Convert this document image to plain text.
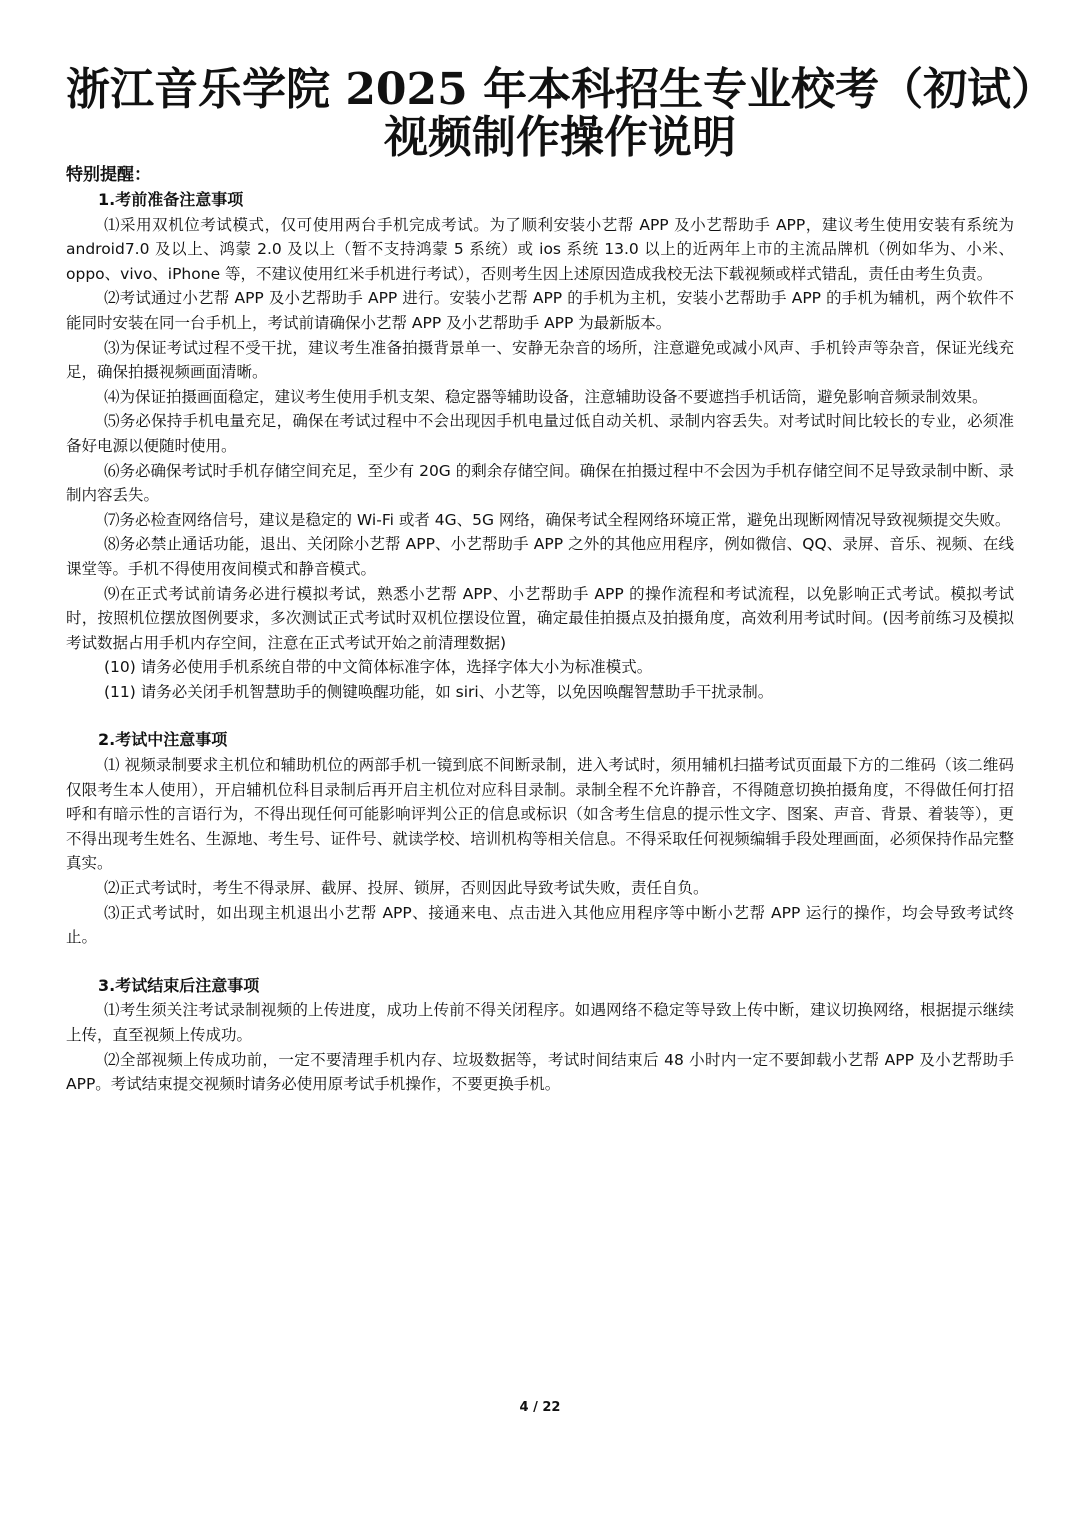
浙江音乐学院 2025 年本科招生专业校考（初试）
视频制作操作说明
特别提醒：
1.考前准备注意事项
⑴采用双机位考试模式，仅可使用两台手机完成考试。为了顺利安装小艺帮 APP 及小艺帮助手 APP，建议考生使用安装有系统为 android7.0 及以上、鸿蒙 2.0 及以上（暂不支持鸿蒙 5 系统）或 ios 系统 13.0 以上的近两年上市的主流品牌机（例如华为、小米、oppo、vivo、iPhone 等，不建议使用红米手机进行考试），否则考生因上述原因造成我校无法下载视频或样式错乱，责任由考生负责。
⑵考试通过小艺帮 APP 及小艺帮助手 APP 进行。安装小艺帮 APP 的手机为主机，安装小艺帮助手 APP 的手机为辅机，两个软件不能同时安装在同一台手机上，考试前请确保小艺帮 APP 及小艺帮助手 APP 为最新版本。
⑶为保证考试过程不受干扰，建议考生准备拍摄背景单一、安静无杂音的场所，注意避免或减小风声、手机铃声等杂音，保证光线充足，确保拍摄视频画面清晰。
⑷为保证拍摄画面稳定，建议考生使用手机支架、稳定器等辅助设备，注意辅助设备不要遮挡手机话筒，避免影响音频录制效果。
⑸务必保持手机电量充足，确保在考试过程中不会出现因手机电量过低自动关机、录制内容丢失。对考试时间比较长的专业，必须准备好电源以便随时使用。
⑹务必确保考试时手机存储空间充足，至少有 20G 的剩余存储空间。确保在拍摄过程中不会因为手机存储空间不足导致录制中断、录制内容丢失。
⑺务必检查网络信号，建议是稳定的 Wi-Fi 或者 4G、5G 网络，确保考试全程网络环境正常，避免出现断网情况导致视频提交失败。
⑻务必禁止通话功能，退出、关闭除小艺帮 APP、小艺帮助手 APP 之外的其他应用程序，例如微信、QQ、录屏、音乐、视频、在线课堂等。手机不得使用夜间模式和静音模式。
⑼在正式考试前请务必进行模拟考试，熟悉小艺帮 APP、小艺帮助手 APP 的操作流程和考试流程，以免影响正式考试。模拟考试时，按照机位摆放图例要求，多次测试正式考试时双机位摆设位置，确定最佳拍摄点及拍摄角度，高效利用考试时间。(因考前练习及模拟考试数据占用手机内存空间，注意在正式考试开始之前清理数据)
(10) 请务必使用手机系统自带的中文简体标准字体，选择字体大小为标准模式。
(11) 请务必关闭手机智慧助手的侧键唤醒功能，如 siri、小艺等，以免因唤醒智慧助手干扰录制。
2.考试中注意事项
⑴ 视频录制要求主机位和辅助机位的两部手机一镜到底不间断录制，进入考试时，须用辅机扫描考试页面最下方的二维码（该二维码仅限考生本人使用），开启辅机位科目录制后再开启主机位对应科目录制。录制全程不允许静音，不得随意切换拍摄角度，不得做任何打招呼和有暗示性的言语行为，不得出现任何可能影响评判公正的信息或标识（如含考生信息的提示性文字、图案、声音、背景、着装等），更不得出现考生姓名、生源地、考生号、证件号、就读学校、培训机构等相关信息。不得采取任何视频编辑手段处理画面，必须保持作品完整真实。
⑵正式考试时，考生不得录屏、截屏、投屏、锁屏，否则因此导致考试失败，责任自负。
⑶正式考试时，如出现主机退出小艺帮 APP、接通来电、点击进入其他应用程序等中断小艺帮 APP 运行的操作，均会导致考试终止。
3.考试结束后注意事项
⑴考生须关注考试录制视频的上传进度，成功上传前不得关闭程序。如遇网络不稳定等导致上传中断，建议切换网络，根据提示继续上传，直至视频上传成功。
⑵全部视频上传成功前，一定不要清理手机内存、垃圾数据等，考试时间结束后 48 小时内一定不要卸载小艺帮 APP 及小艺帮助手 APP。考试结束提交视频时请务必使用原考试手机操作，不要更换手机。
4 / 22
